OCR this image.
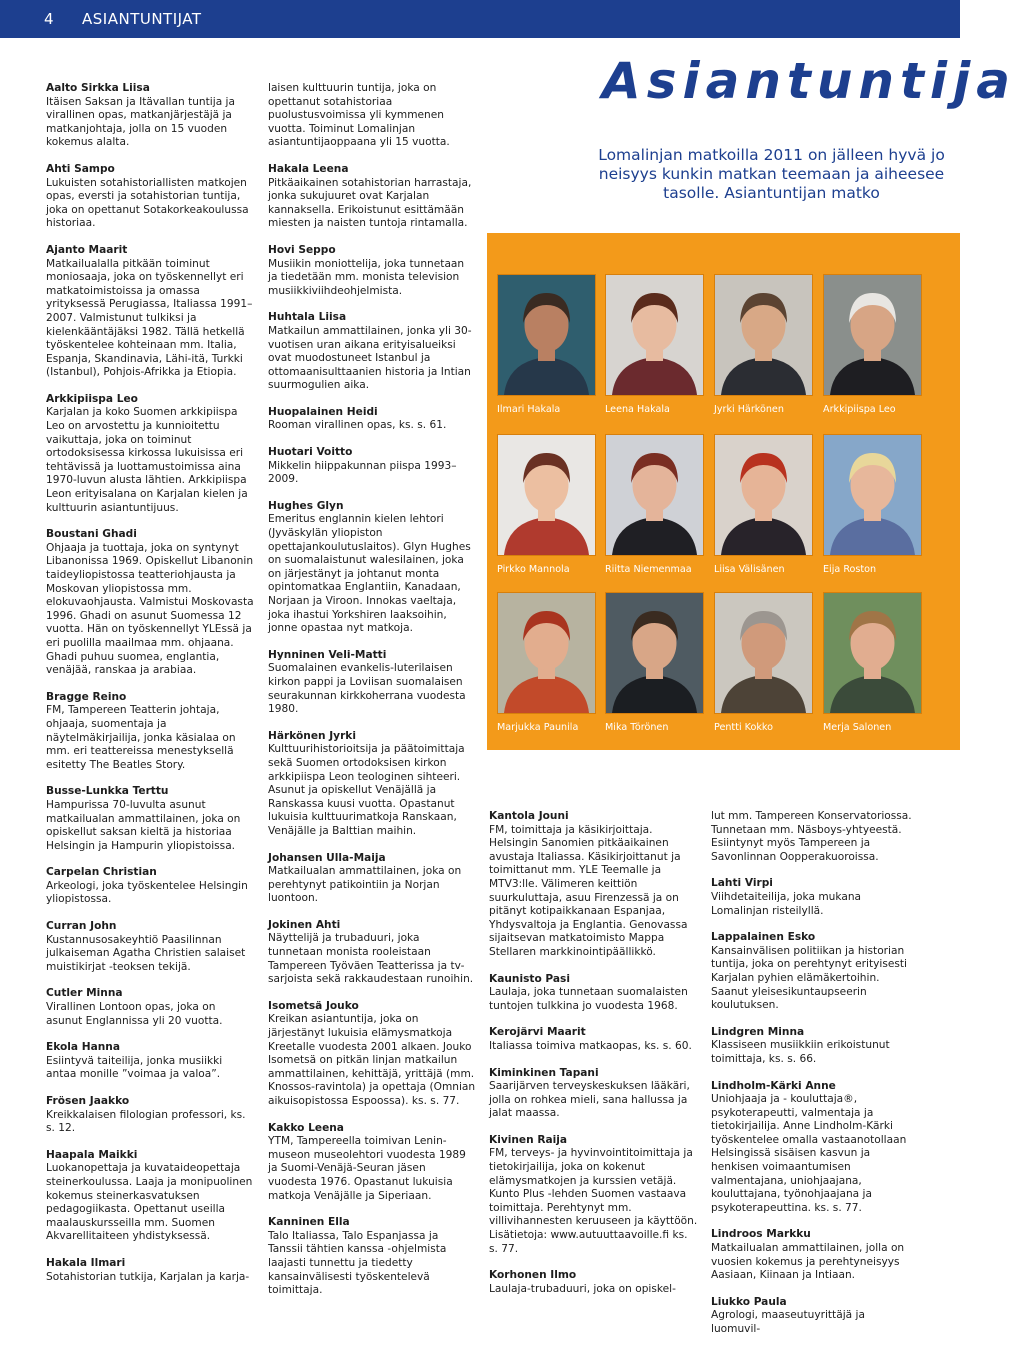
4 ASIANTUNTIJAT
Aalto Sirkka Liisa
Itäisen Saksan ja Itävallan tuntija ja virallinen opas, matkanjärjestäjä ja matkanjohtaja, jolla on 15 vuoden kokemus alalta.
Ahti Sampo
Lukuisten sotahistoriallisten matkojen opas, eversti ja sotahistorian tuntija, joka on opettanut Sotakorkeakoulussa historiaa.
Ajanto Maarit
Matkailualalla pitkään toiminut moniosaaja, joka on työskennellyt eri matkatoimistoissa ja omassa yrityksessä Perugiassa, Italiassa 1991–2007. Valmistunut tulkiksi ja kielenkääntäjäksi 1982. Tällä hetkellä työskentelee kohteinaan mm. Italia, Espanja, Skandinavia, Lähi-itä, Turkki (Istanbul), Pohjois-Afrikka ja Etiopia.
Arkkipiispa Leo
Karjalan ja koko Suomen arkkipiispa Leo on arvostettu ja kunnioitettu vaikuttaja, joka on toiminut ortodoksisessa kirkossa lukuisissa eri tehtävissä ja luottamustoimissa aina 1970-luvun alusta lähtien. Arkkipiispa Leon erityisalana on Karjalan kielen ja kulttuurin asiantuntijuus.
Boustani Ghadi
Ohjaaja ja tuottaja, joka on syntynyt Libanonissa 1969. Opiskellut Libanonin taideyliopistossa teatteriohjausta ja Moskovan yliopistossa mm. elokuvaohjausta. Valmistui Moskovasta 1996. Ghadi on asunut Suomessa 12 vuotta. Hän on työskennellyt YLEssä ja eri puolilla maailmaa mm. ohjaana. Ghadi puhuu suomea, englantia, venäjää, ranskaa ja arabiaa.
Bragge Reino
FM, Tampereen Teatterin johtaja, ohjaaja, suomentaja ja näytelmäkirjailija, jonka käsialaa on mm. eri teattereissa menestyksellä esitetty The Beatles Story.
Busse-Lunkka Terttu
Hampurissa 70-luvulta asunut matkailualan ammattilainen, joka on opiskellut saksan kieltä ja historiaa Helsingin ja Hampurin yliopistoissa.
Carpelan Christian
Arkeologi, joka työskentelee Helsingin yliopistossa.
Curran John
Kustannusosakeyhtiö Paasilinnan julkaiseman Agatha Christien salaiset muistikirjat -teoksen tekijä.
Cutler Minna
Virallinen Lontoon opas, joka on asunut Englannissa yli 20 vuotta.
Ekola Hanna
Esiintyvä taiteilija, jonka musiikki antaa monille ”voimaa ja valoa”.
Frösen Jaakko
Kreikkalaisen filologian professori, ks. s. 12.
Haapala Maikki
Luokanopettaja ja kuvataideopettaja steinerkoulussa. Laaja ja monipuolinen kokemus steinerkasvatuksen pedagogiikasta. Opettanut useilla maalauskursseilla mm. Suomen Akvarellitaiteen yhdistyksessä.
Hakala Ilmari
Sotahistorian tutkija, Karjalan ja karja-
laisen kulttuurin tuntija, joka on opettanut sotahistoriaa puolustusvoimissa yli kymmenen vuotta. Toiminut Lomalinjan asiantuntijaoppaana yli 15 vuotta.
Hakala Leena
Pitkäaikainen sotahistorian harrastaja, jonka sukujuuret ovat Karjalan kannaksella. Erikoistunut esittämään miesten ja naisten tuntoja rintamalla.
Hovi Seppo
Musiikin moniottelija, joka tunnetaan ja tiedetään mm. monista television musiikkiviihdeohjelmista.
Huhtala Liisa
Matkailun ammattilainen, jonka yli 30-vuotisen uran aikana erityisalueiksi ovat muodostuneet Istanbul ja ottomaanisulttaanien historia ja Intian suurmogulien aika.
Huopalainen Heidi
Rooman virallinen opas, ks. s. 61.
Huotari Voitto
Mikkelin hiippakunnan piispa 1993–2009.
Hughes Glyn
Emeritus englannin kielen lehtori (Jyväskylän yliopiston opettajankoulutuslaitos). Glyn Hughes on suomalaistunut walesilainen, joka on järjestänyt ja johtanut monta opintomatkaa Englantiin, Kanadaan, Norjaan ja Viroon. Innokas vaeltaja, joka ihastui Yorkshiren laaksoihin, jonne opastaa nyt matkoja.
Hynninen Veli-Matti
Suomalainen evankelis-luterilaisen kirkon pappi ja Loviisan suomalaisen seurakunnan kirkkoherrana vuodesta 1980.
Härkönen Jyrki
Kulttuurihistorioitsija ja päätoimittaja sekä Suomen ortodoksisen kirkon arkkipiispa Leon teologinen sihteeri. Asunut ja opiskellut Venäjällä ja Ranskassa kuusi vuotta. Opastanut lukuisia kulttuurimatkoja Ranskaan, Venäjälle ja Balttian maihin.
Johansen Ulla-Maija
Matkailualan ammattilainen, joka on perehtynyt patikointiin ja Norjan luontoon.
Jokinen Ahti
Näyttelijä ja trubaduuri, joka tunnetaan monista rooleistaan Tampereen Työväen Teatterissa ja tv-sarjoista sekä rakkaudestaan runoihin.
Isometsä Jouko
Kreikan asiantuntija, joka on järjestänyt lukuisia elämysmatkoja Kreetalle vuodesta 2001 alkaen. Jouko Isometsä on pitkän linjan matkailun ammattilainen, kehittäjä, yrittäjä (mm. Knossos-ravintola) ja opettaja (Omnian aikuisopistossa Espoossa). ks. s. 77.
Kakko Leena
YTM, Tampereella toimivan Lenin-museon museolehtori vuodesta 1989 ja Suomi-Venäjä-Seuran jäsen vuodesta 1976. Opastanut lukuisia matkoja Venäjälle ja Siperiaan.
Kanninen Ella
Talo Italiassa, Talo Espanjassa ja Tanssii tähtien kanssa -ohjelmista laajasti tunnettu ja tiedetty kansainvälisesti työskentelevä toimittaja.
Asiantuntija
Lomalinjan matkoilla 2011 on jälleen hyvä jo
neisyys kunkin matkan teemaan ja aiheesee
tasolle. Asiantuntijan matko
Ilmari Hakala	Leena Hakala	Jyrki Härkönen	Arkkipiispa Leo
Pirkko Mannola	Riitta Niemenmaa Liisa Välisänen	Eija Roston
Marjukka Paunila	Mika Törönen	Pentti Kokko	Merja Salonen
Kantola Jouni
FM, toimittaja ja käsikirjoittaja. Helsingin Sanomien pitkäaikainen avustaja Italiassa. Käsikirjoittanut ja toimittanut mm. YLE Teemalle ja MTV3:lle. Välimeren keittiön suurkuluttaja, asuu Firenzessä ja on pitänyt kotipaikkanaan Espanjaa, Yhdysvaltoja ja Englantia. Genovassa sijaitsevan matkatoimisto Mappa Stellaren markkinointipäällikkö.
Kaunisto Pasi
Laulaja, joka tunnetaan suomalaisten tuntojen tulkkina jo vuodesta 1968.
Kerojärvi Maarit
Italiassa toimiva matkaopas, ks. s. 60.
Kiminkinen Tapani
Saarijärven terveyskeskuksen lääkäri, jolla on rohkea mieli, sana hallussa ja jalat maassa.
Kivinen Raija
FM, terveys- ja hyvinvointitoimittaja ja tietokirjailija, joka on kokenut elämysmatkojen ja kurssien vetäjä. Kunto Plus -lehden Suomen vastaava toimittaja. Perehtynyt mm. villivihannesten keruuseen ja käyttöön. Lisätietoja: www.autuuttaavoille.fi ks. s. 77.
Korhonen Ilmo
Laulaja-trubaduuri, joka on opiskel-
lut mm. Tampereen Konservatoriossa. Tunnetaan mm. Näsboys-yhtyeestä. Esiintynyt myös Tampereen ja Savonlinnan Oopperakuoroissa.
Lahti Virpi
Viihdetaiteilija, joka mukana Lomalinjan risteilyllä.
Lappalainen Esko
Kansainvälisen politiikan ja historian tuntija, joka on perehtynyt erityisesti Karjalan pyhien elämäkertoihin. Saanut yleisesikuntaupseerin koulutuksen.
Lindgren Minna
Klassiseen musiikkiin erikoistunut toimittaja, ks. s. 66.
Lindholm-Kärki Anne
Uniohjaaja ja - kouluttaja®, psykoterapeutti, valmentaja ja tietokirjailija. Anne Lindholm-Kärki työskentelee omalla vastaanotollaan Helsingissä sisäisen kasvun ja henkisen voimaantumisen valmentajana, uniohjaajana, kouluttajana, työnohjaajana ja psykoterapeuttina. ks. s. 77.
Lindroos Markku
Matkailualan ammattilainen, jolla on vuosien kokemus ja perehtyneisyys Aasiaan, Kiinaan ja Intiaan.
Liukko Paula
Agrologi, maaseutuyrittäjä ja luomuvil-
